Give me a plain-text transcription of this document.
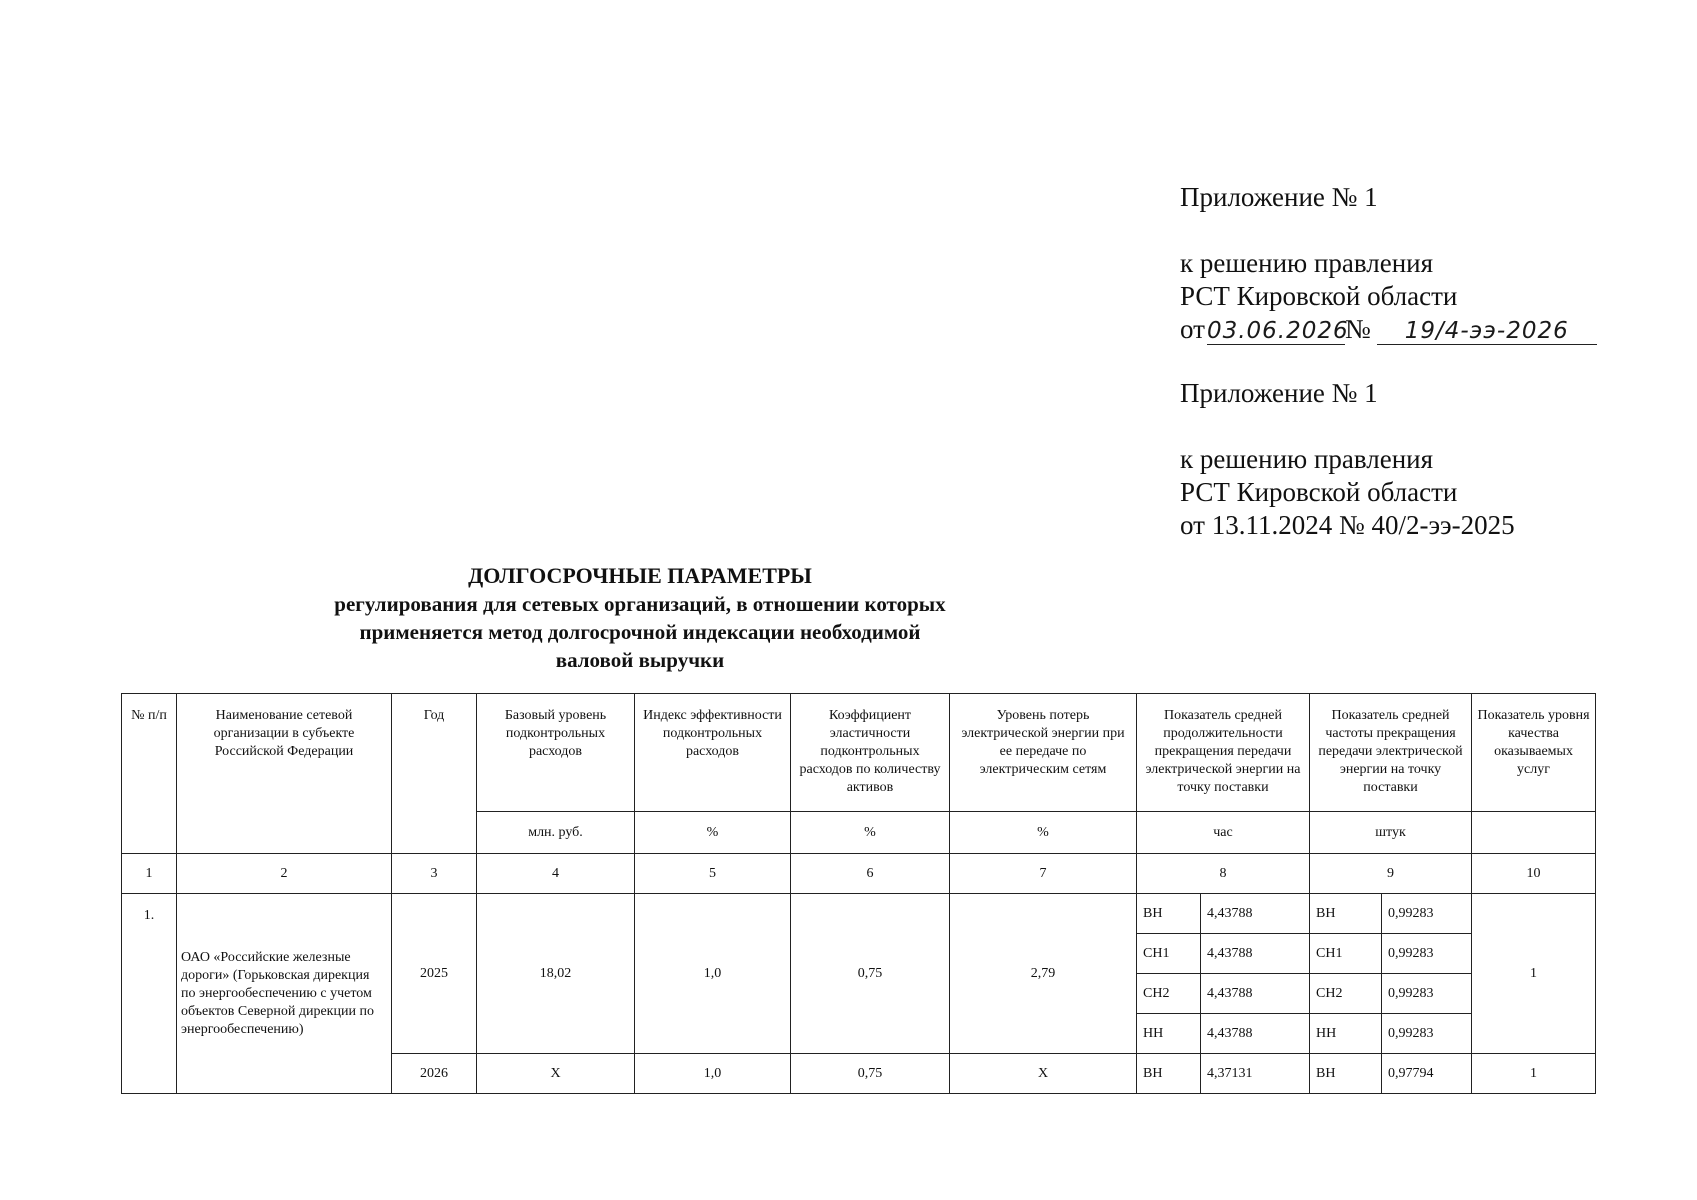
Приложение № 1
к решению правления
РСТ Кировской области
от03.06.2026№ 19/4-ээ-2026
Приложение № 1
к решению правления
РСТ Кировской области
от 13.11.2024 № 40/2-ээ-2025
ДОЛГОСРОЧНЫЕ ПАРАМЕТРЫ
регулирования для сетевых организаций, в отношении которых
применяется метод долгосрочной индексации необходимой
валовой выручки
№ п/п	Наименование сетевой организации в субъекте Российской Федерации	Год	Базовый уровень подконтрольных расходов	Индекс эффективности подконтрольных расходов	Коэффициент эластичности подконтрольных расходов по количеству активов	Уровень потерь электрической энергии при ее передаче по электрическим сетям	Показатель средней продолжительности прекращения передачи электрической энергии на точку поставки		Показатель средней частоты прекращения передачи электрической энергии на точку поставки		Показатель уровня качества оказываемых услуг
			млн. руб.	%	%	%	час		штук		
1	2	3	4	5	6	7	8		9		10
1.	ОАО «Российские железные дороги» (Горьковская дирекция по энергообеспечению с учетом объектов Северной дирекции по энергообеспечению)	2025	18,02	1,0	0,75	2,79	ВН	4,43788	ВН	0,99283	1
							СН1	4,43788	СН1	0,99283	
							СН2	4,43788	СН2	0,99283	
							НН	4,43788	НН	0,99283	
		2026	Х	1,0	0,75	Х	ВН	4,37131	ВН	0,97794	1
